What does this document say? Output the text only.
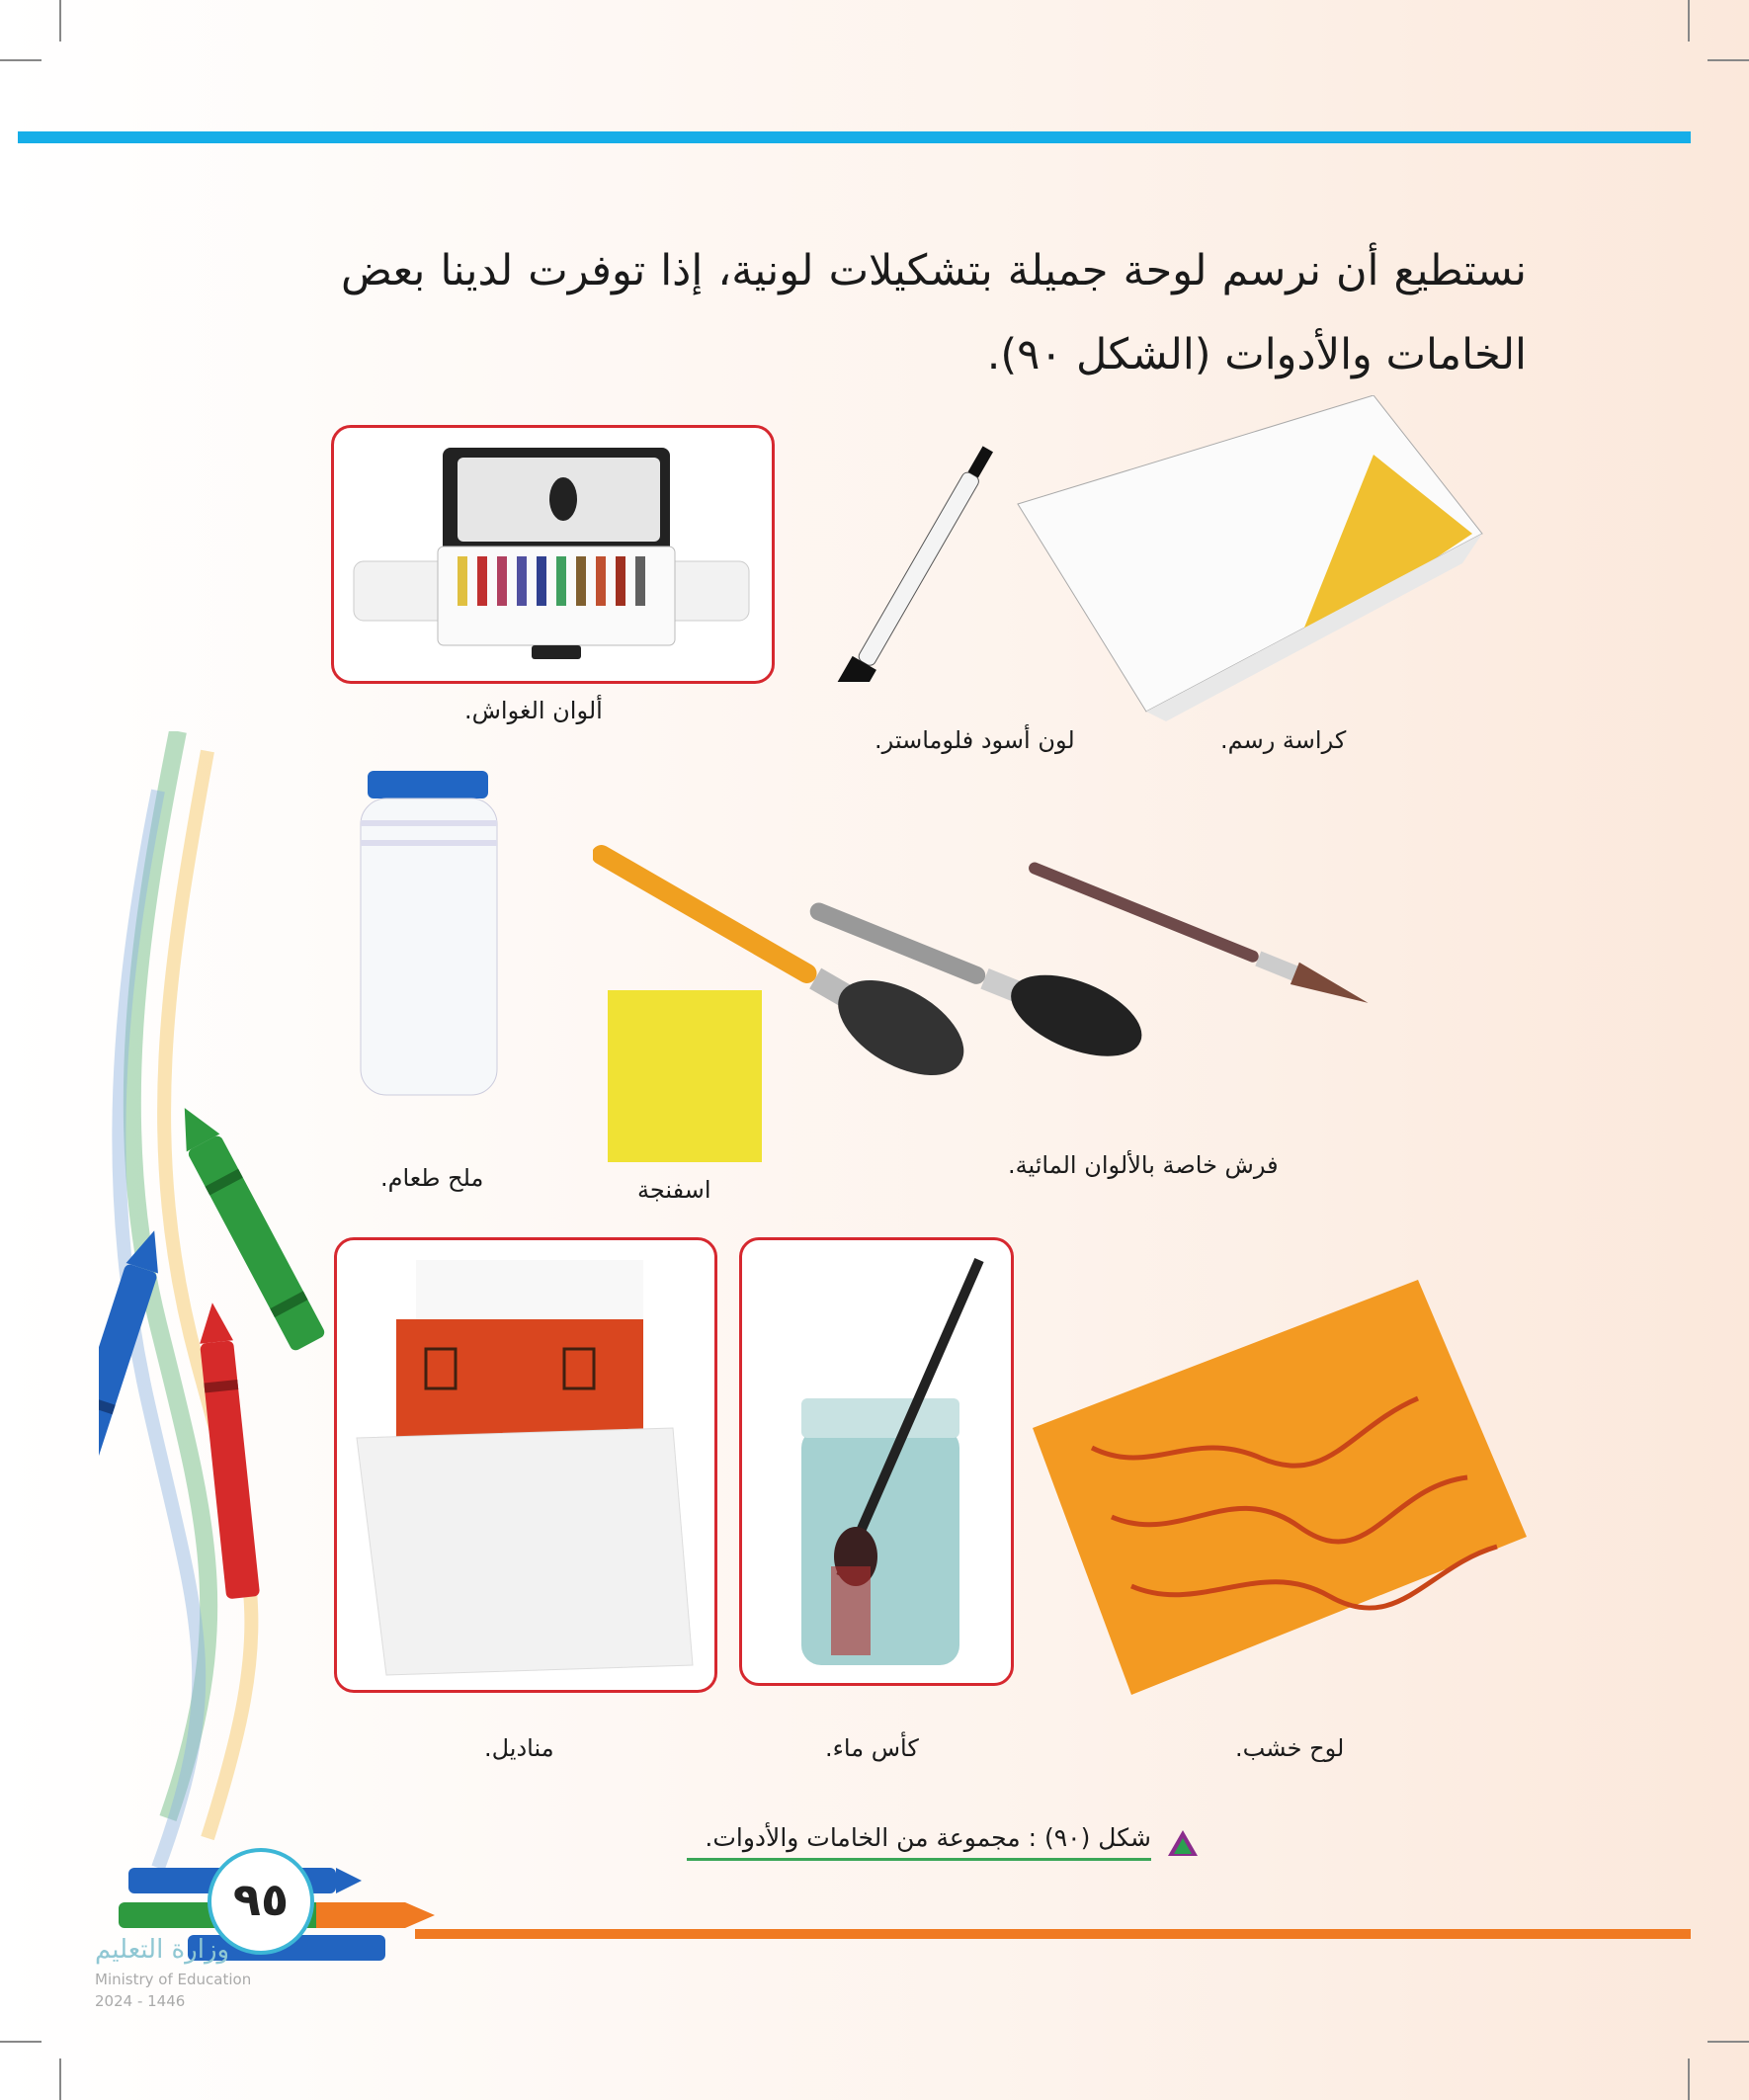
نستطيع أن نرسم لوحة جميلة بتشكيلات لونية، إذا توفرت لدينا بعض الخامات والأدوات (الشكل ٩٠).
ألوان الغواش.
لون أسود فلوماستر.	كراسة رسم.
ملح طعام.	اسفنجة
فرش خاصة بالألوان المائية.
مناديل.	كأس ماء.	لوح خشب.
شكل (٩٠) : مجموعة من الخامات والأدوات.
٩٥
وزارة التعليم
Ministry of Education
2024 - 1446
